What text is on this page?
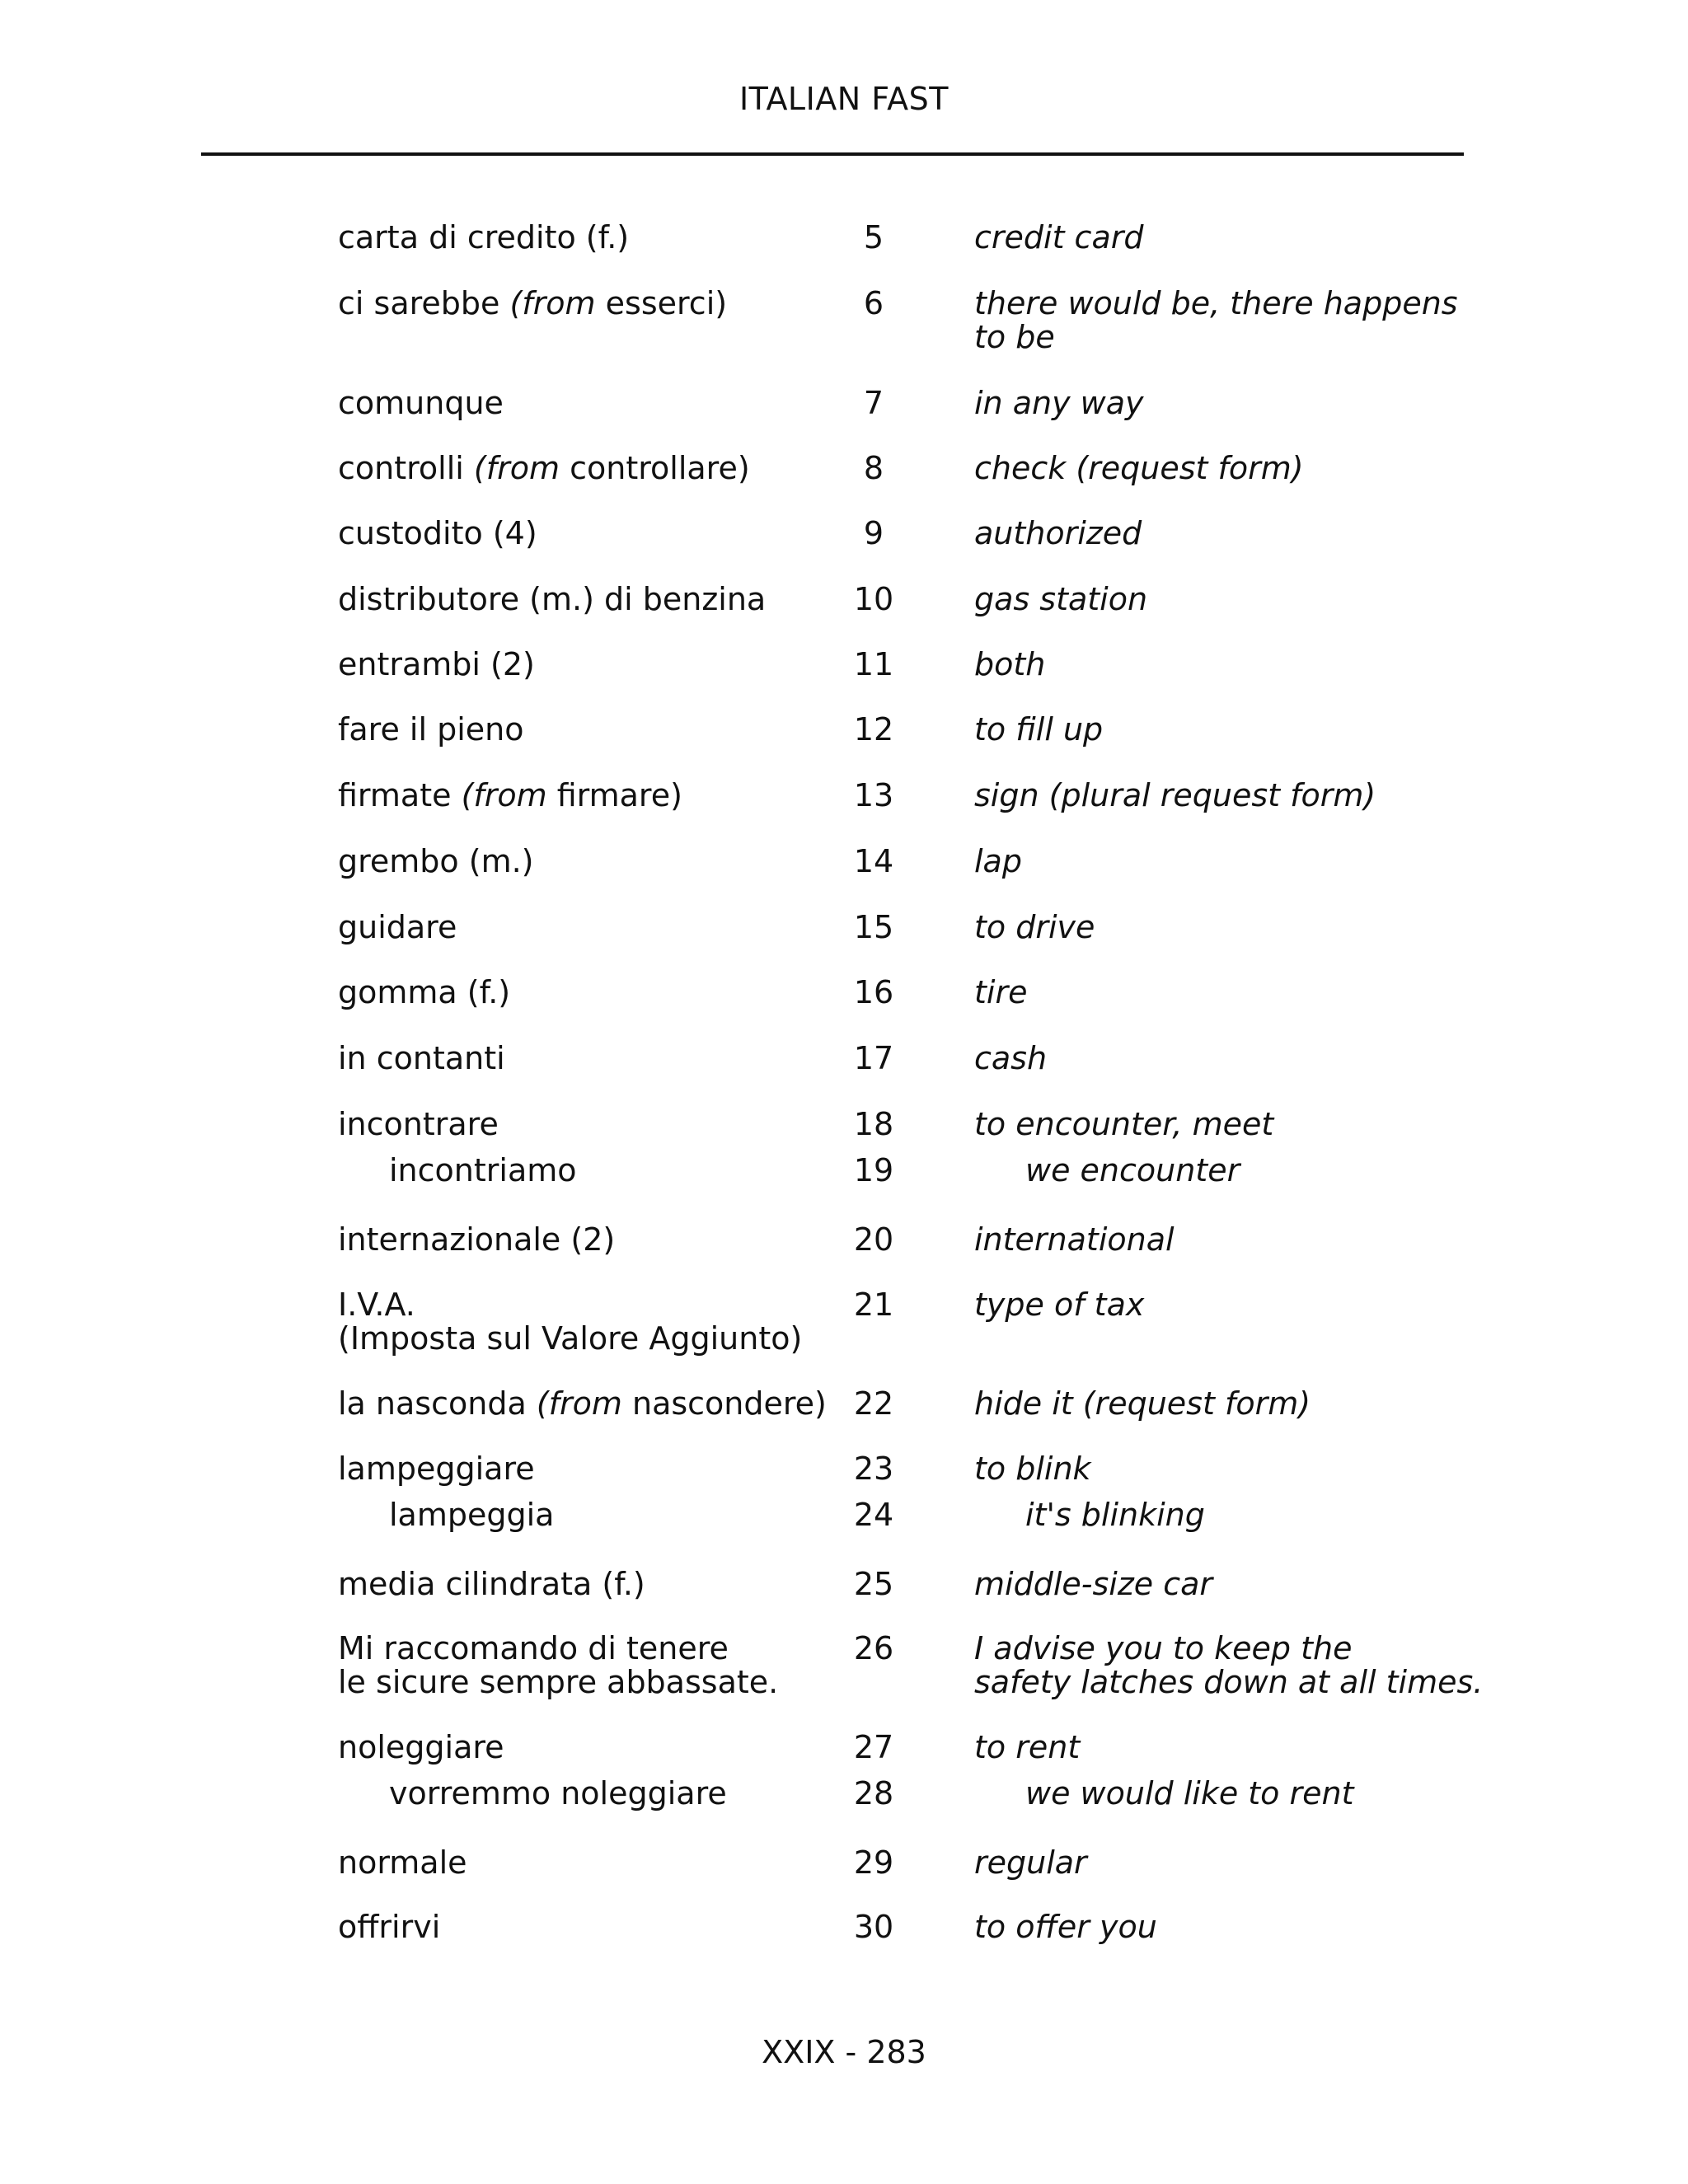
ITALIAN FAST
carta di credito (f.)	5	credit card
ci sarebbe (from esserci)	6	there would be, there happens
to be
comunque	7	in any way
controlli (from controllare)	8	check (request form)
custodito (4)	9	authorized
distributore (m.) di benzina	10	gas station
entrambi (2)	11	both
fare il pieno	12	to fill up
firmate (from firmare)	13	sign (plural request form)
grembo (m.)	14	lap
guidare	15	to drive
gomma (f.)	16	tire
in contanti	17	cash
incontrare	18	to encounter, meet
incontriamo	19	we encounter
internazionale (2)	20	international
I.V.A.
(Imposta sul Valore Aggiunto)
21	type of tax
la nasconda (from nascondere) 22	hide it (request form)
lampeggiare	23	to blink
lampeggia	24	it's blinking
media cilindrata (f.)	25	middle-size car
Mi raccomando di tenere
le sicure sempre abbassate.
26	I advise you to keep the
safety latches down at all times.
noleggiare	27	to rent
vorremmo noleggiare	28	we would like to rent
normale	29	regular
offrirvi	30	to offer you
XXIX - 283
